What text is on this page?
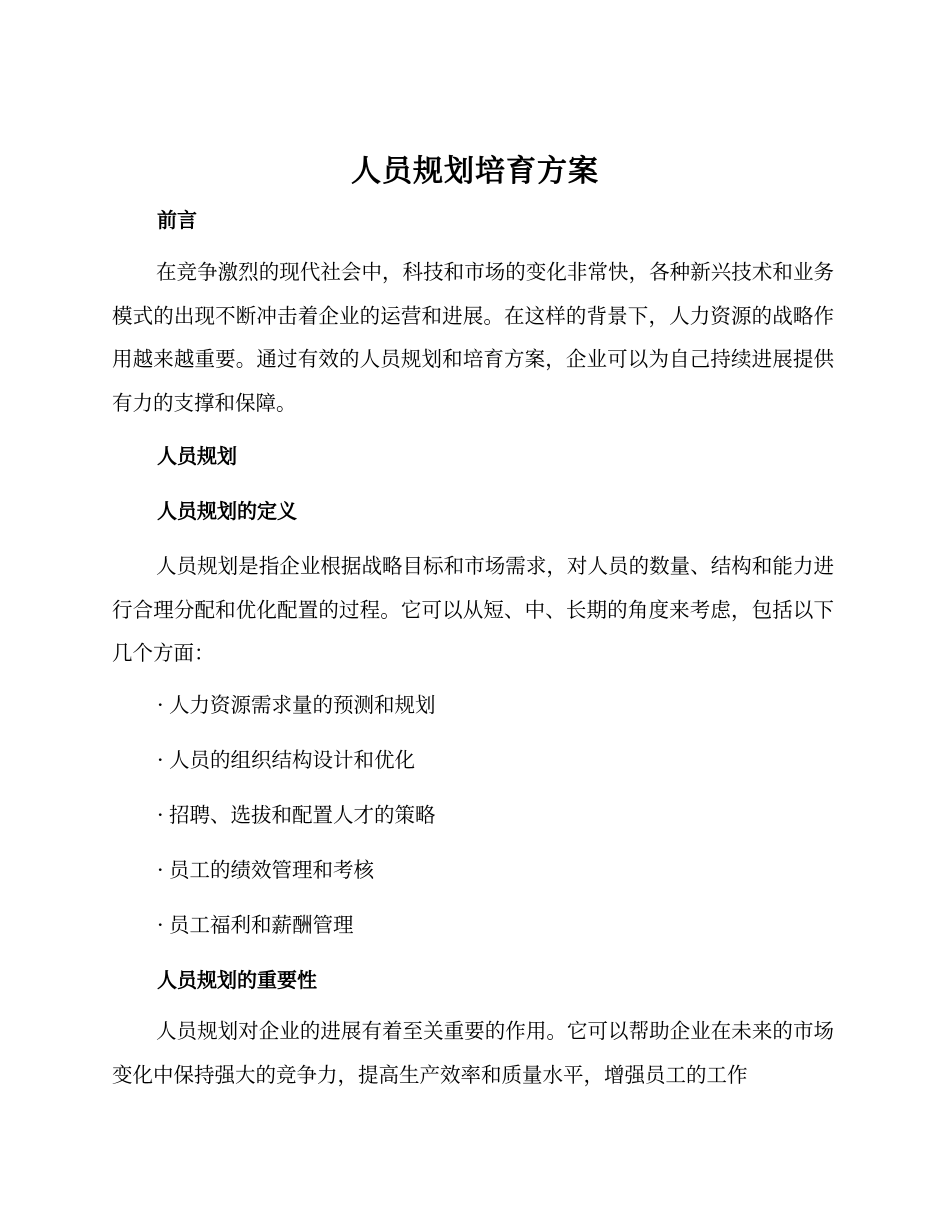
人员规划培育方案
前言

在竞争激烈的现代社会中，科技和市场的变化非常快，各种新兴技术和业务模式的出现不断冲击着企业的运营和进展。在这样的背景下，人力资源的战略作用越来越重要。通过有效的人员规划和培育方案，企业可以为自己持续进展提供有力的支撑和保障。

人员规划
人员规划的定义

人员规划是指企业根据战略目标和市场需求，对人员的数量、结构和能力进行合理分配和优化配置的过程。它可以从短、中、长期的角度来考虑，包括以下几个方面：

· 人力资源需求量的预测和规划
· 人员的组织结构设计和优化
· 招聘、选拔和配置人才的策略
· 员工的绩效管理和考核
· 员工福利和薪酬管理
人员规划的重要性

人员规划对企业的进展有着至关重要的作用。它可以帮助企业在未来的市场变化中保持强大的竞争力，提高生产效率和质量水平，增强员工的工作
